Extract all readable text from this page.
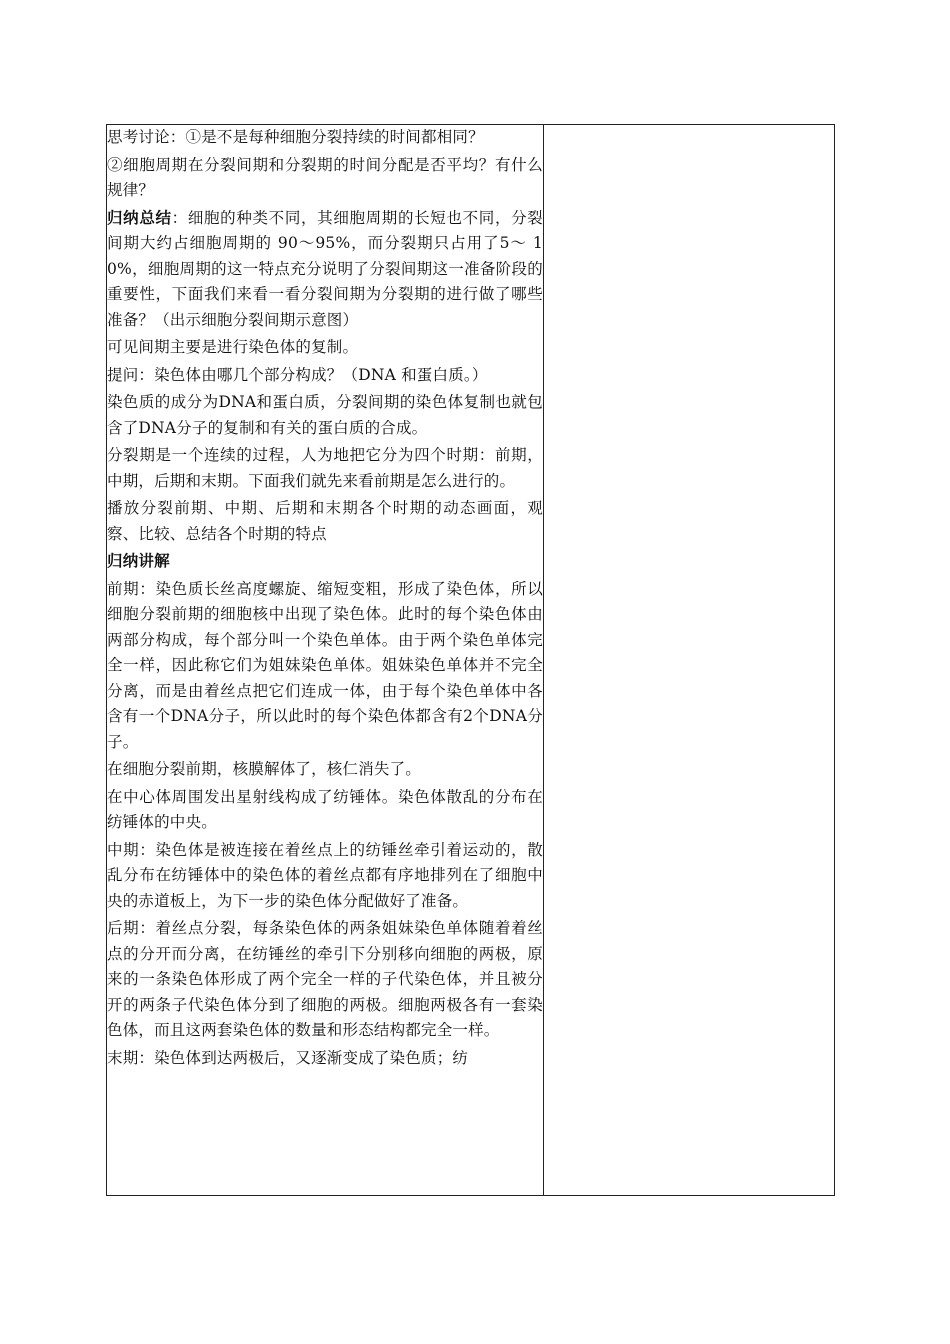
思考讨论：①是不是每种细胞分裂持续的时间都相同？

②细胞周期在分裂间期和分裂期的时间分配是否平均？有什么规律？

归纳总结：细胞的种类不同，其细胞周期的长短也不同，分裂间期大约占细胞周期的 90～95%，而分裂期只占用了5～ 10%，细胞周期的这一特点充分说明了分裂间期这一准备阶段的重要性，下面我们来看一看分裂间期为分裂期的进行做了哪些准备？（出示细胞分裂间期示意图）

可见间期主要是进行染色体的复制。

提问：染色体由哪几个部分构成？（DNA 和蛋白质。）

染色质的成分为DNA和蛋白质，分裂间期的染色体复制也就包含了DNA分子的复制和有关的蛋白质的合成。

分裂期是一个连续的过程，人为地把它分为四个时期：前期，中期，后期和末期。下面我们就先来看前期是怎么进行的。

播放分裂前期、中期、后期和末期各个时期的动态画面，观察、比较、总结各个时期的特点

归纳讲解

前期：染色质长丝高度螺旋、缩短变粗，形成了染色体，所以细胞分裂前期的细胞核中出现了染色体。此时的每个染色体由两部分构成，每个部分叫一个染色单体。由于两个染色单体完全一样，因此称它们为姐妹染色单体。姐妹染色单体并不完全分离，而是由着丝点把它们连成一体，由于每个染色单体中各含有一个DNA分子，所以此时的每个染色体都含有2个DNA分子。

在细胞分裂前期，核膜解体了，核仁消失了。

在中心体周围发出星射线构成了纺锤体。染色体散乱的分布在纺锤体的中央。

中期：染色体是被连接在着丝点上的纺锤丝牵引着运动的，散乱分布在纺锤体中的染色体的着丝点都有序地排列在了细胞中央的赤道板上，为下一步的染色体分配做好了准备。

后期：着丝点分裂，每条染色体的两条姐妹染色单体随着着丝点的分开而分离，在纺锤丝的牵引下分别移向细胞的两极，原来的一条染色体形成了两个完全一样的子代染色体，并且被分开的两条子代染色体分到了细胞的两极。细胞两极各有一套染色体，而且这两套染色体的数量和形态结构都完全一样。

末期：染色体到达两极后，又逐渐变成了染色质；纺
